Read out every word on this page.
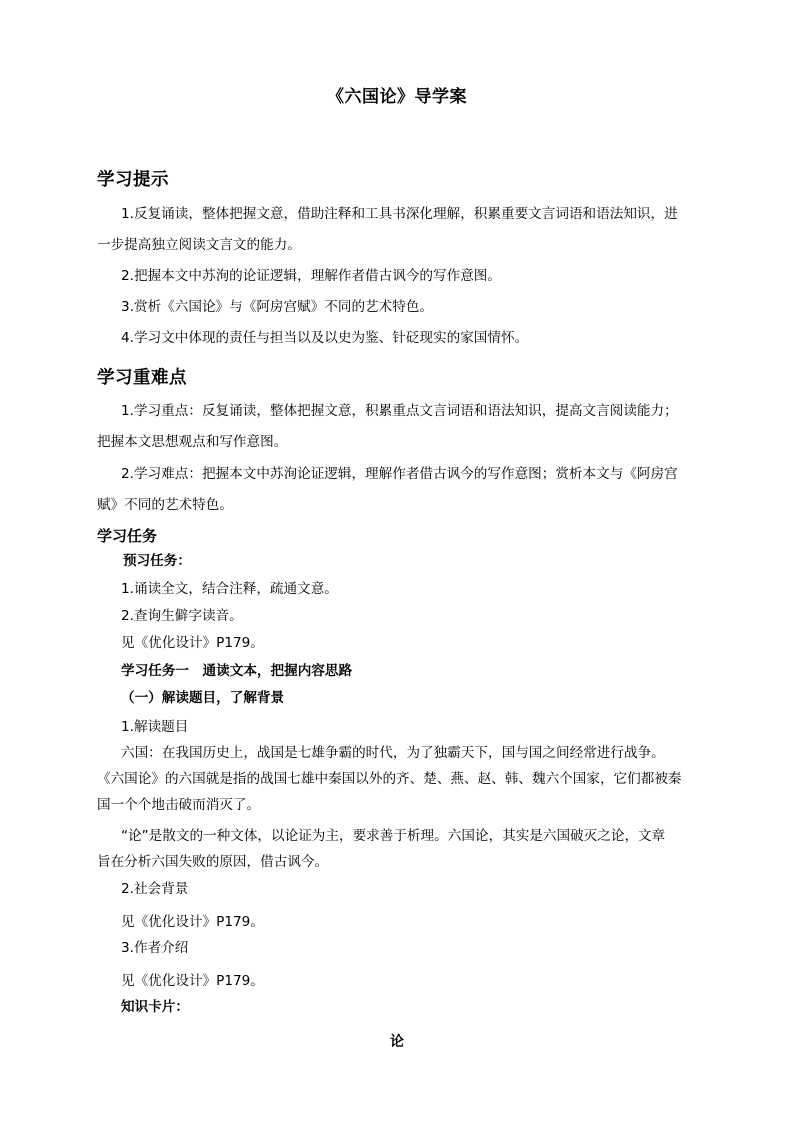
《六国论》导学案
学习提示
1.反复诵读，整体把握文意，借助注释和工具书深化理解，积累重要文言词语和语法知识，进
一步提高独立阅读文言文的能力。
2.把握本文中苏洵的论证逻辑，理解作者借古讽今的写作意图。
3.赏析《六国论》与《阿房宫赋》不同的艺术特色。
4.学习文中体现的责任与担当以及以史为鉴、针砭现实的家国情怀。
学习重难点
1.学习重点：反复诵读，整体把握文意，积累重点文言词语和语法知识，提高文言阅读能力；
把握本文思想观点和写作意图。
2.学习难点：把握本文中苏洵论证逻辑，理解作者借古讽今的写作意图；赏析本文与《阿房宫
赋》不同的艺术特色。
学习任务
预习任务：
1.诵读全文，结合注释，疏通文意。
2.查询生僻字读音。
见《优化设计》P179。
学习任务一　通读文本，把握内容思路
（一）解读题目，了解背景
1.解读题目
六国：在我国历史上，战国是七雄争霸的时代，为了独霸天下，国与国之间经常进行战争。
《六国论》的六国就是指的战国七雄中秦国以外的齐、楚、燕、赵、韩、魏六个国家，它们都被秦
国一个个地击破而消灭了。
“论”是散文的一种文体，以论证为主，要求善于析理。六国论，其实是六国破灭之论，文章
旨在分析六国失败的原因，借古讽今。
2.社会背景
见《优化设计》P179。
3.作者介绍
见《优化设计》P179。
知识卡片：
论
